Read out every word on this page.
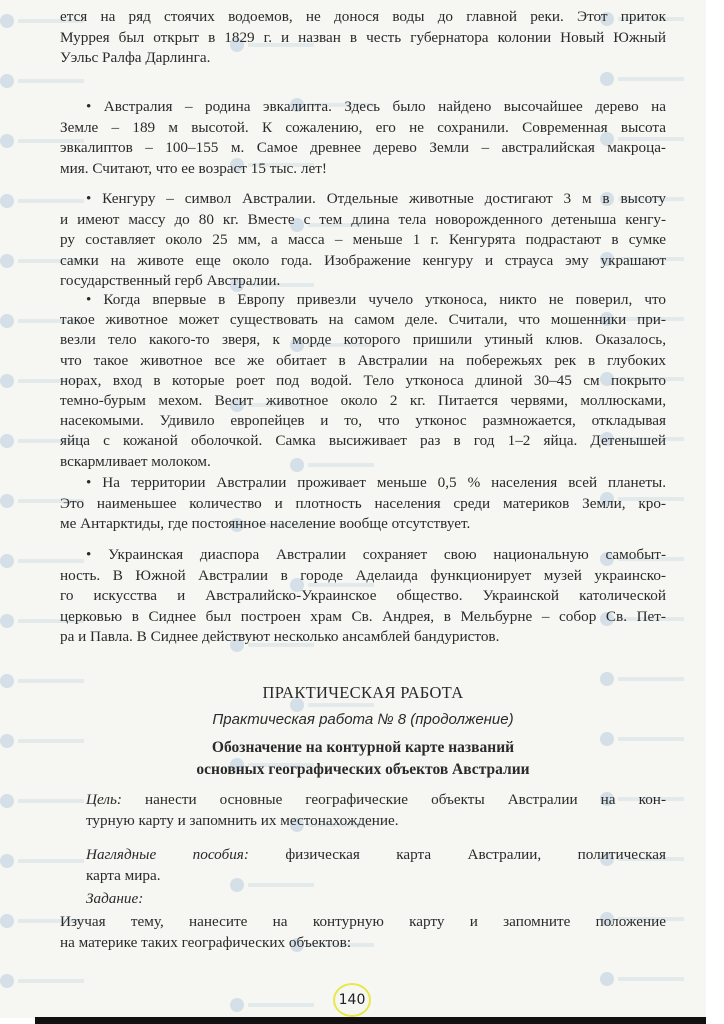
ется на ряд стоячих водоемов, не донося воды до главной реки. Этот приток
Муррея был открыт в 1829 г. и назван в честь губернатора колонии Новый Южный
Уэльс Ралфа Дарлинга.
• Австралия – родина эвкалипта. Здесь было найдено высочайшее дерево на
Земле – 189 м высотой. К сожалению, его не сохранили. Современная высота
эвкалиптов – 100–155 м. Самое древнее дерево Земли – австралийская макроца-
мия. Считают, что ее возраст 15 тыс. лет!
• Кенгуру – символ Австралии. Отдельные животные достигают 3 м в высоту
и имеют массу до 80 кг. Вместе с тем длина тела новорожденного детеныша кенгу-
ру составляет около 25 мм, а масса – меньше 1 г. Кенгурята подрастают в сумке
самки на животе еще около года. Изображение кенгуру и страуса эму украшают
государственный герб Австралии.
• Когда впервые в Европу привезли чучело утконоса, никто не поверил, что
такое животное может существовать на самом деле. Считали, что мошенники при-
везли тело какого-то зверя, к морде которого пришили утиный клюв. Оказалось,
что такое животное все же обитает в Австралии на побережьях рек в глубоких
норах, вход в которые роет под водой. Тело утконоса длиной 30–45 см покрыто
темно-бурым мехом. Весит животное около 2 кг. Питается червями, моллюсками,
насекомыми. Удивило европейцев и то, что утконос размножается, откладывая
яйца с кожаной оболочкой. Самка высиживает раз в год 1–2 яйца. Детенышей
вскармливает молоком.
• На территории Австралии проживает меньше 0,5 % населения всей планеты.
Это наименьшее количество и плотность населения среди материков Земли, кро-
ме Антарктиды, где постоянное население вообще отсутствует.
• Украинская диаспора Австралии сохраняет свою национальную самобыт-
ность. В Южной Австралии в городе Аделаида функционирует музей украинско-
го искусства и Австралийско-Украинское общество. Украинской католической
церковью в Сиднее был построен храм Св. Андрея, в Мельбурне – собор Св. Пет-
ра и Павла. В Сиднее действуют несколько ансамблей бандуристов.
ПРАКТИЧЕСКАЯ РАБОТА
Практическая работа № 8 (продолжение)
Обозначение на контурной карте названий
основных географических объектов Австралии
Цель: нанести основные географические объекты Австралии на кон-
турную карту и запомнить их местонахождение.
Наглядные пособия: физическая карта Австралии, политическая
карта мира.
Задание:
Изучая тему, нанесите на контурную карту и запомните положение
на материке таких географических объектов:
140
